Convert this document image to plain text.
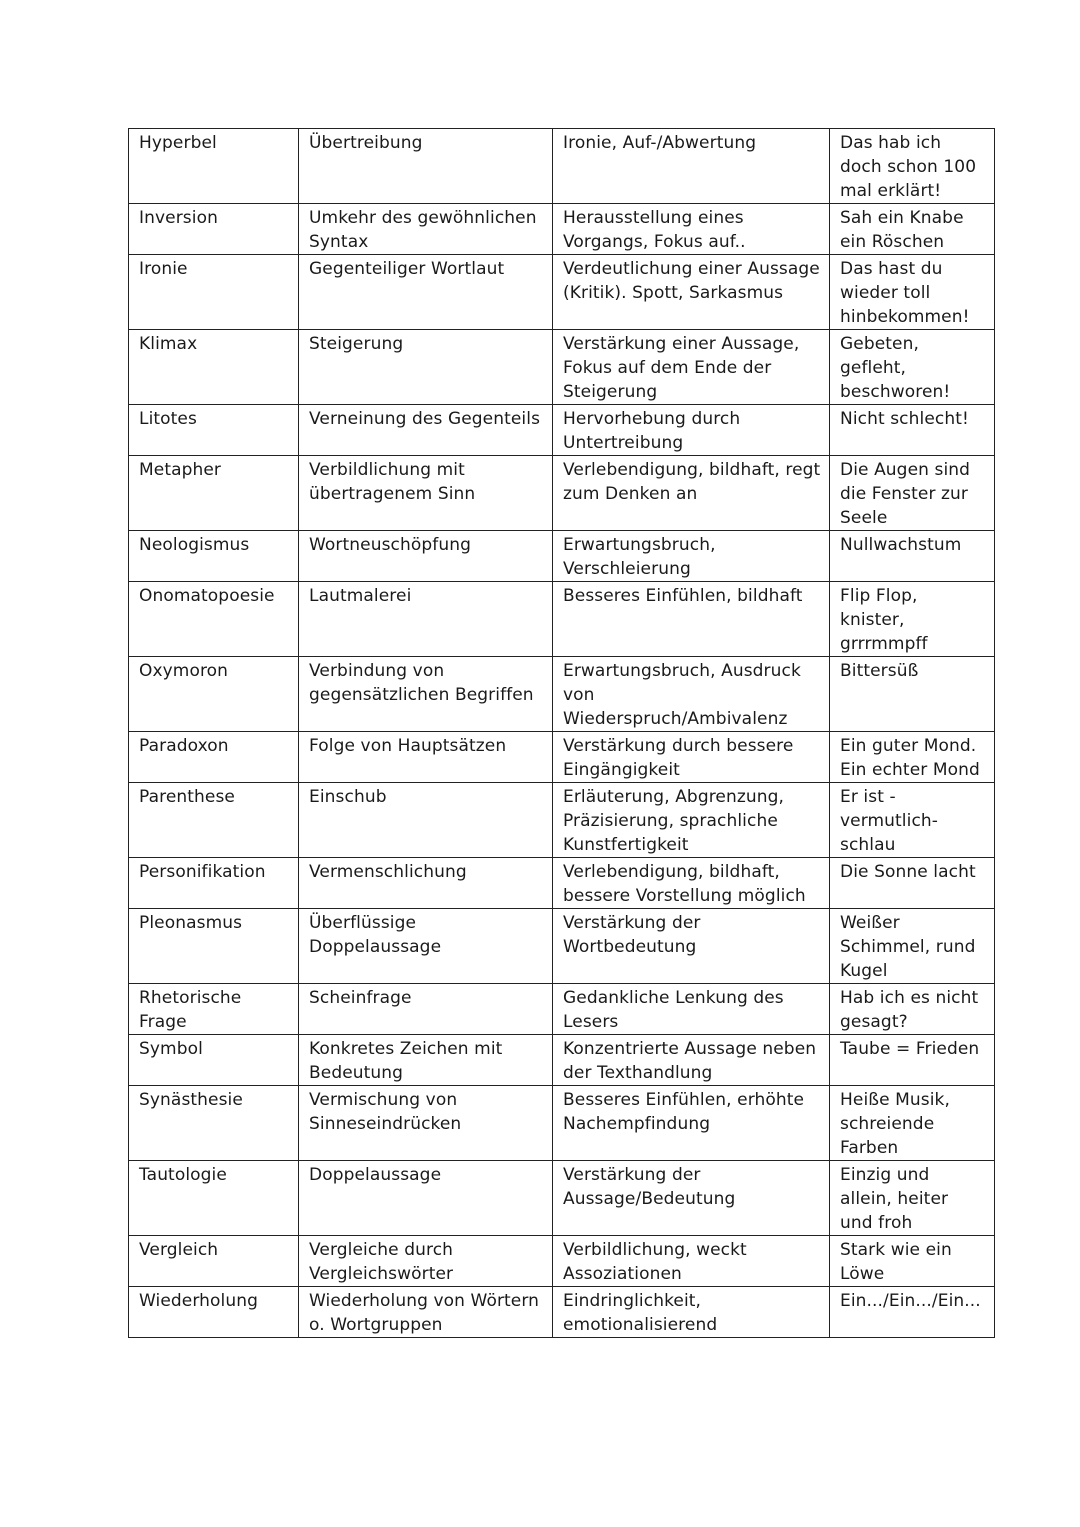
Hyperbel	Übertreibung	Ironie, Auf-/Abwertung	Das hab ich doch schon 100 mal erklärt!
Inversion	Umkehr des gewöhnlichen Syntax	Herausstellung eines Vorgangs, Fokus auf..	Sah ein Knabe ein Röschen
Ironie	Gegenteiliger Wortlaut	Verdeutlichung einer Aussage (Kritik). Spott, Sarkasmus	Das hast du wieder toll hinbekommen!
Klimax	Steigerung	Verstärkung einer Aussage, Fokus auf dem Ende der Steigerung	Gebeten, gefleht, beschworen!
Litotes	Verneinung des Gegenteils	Hervorhebung durch Untertreibung	Nicht schlecht!
Metapher	Verbildlichung mit übertragenem Sinn	Verlebendigung, bildhaft, regt zum Denken an	Die Augen sind die Fenster zur Seele
Neologismus	Wortneuschöpfung	Erwartungsbruch, Verschleierung	Nullwachstum
Onomatopoesie	Lautmalerei	Besseres Einfühlen, bildhaft	Flip Flop, knister, grrrmmpff
Oxymoron	Verbindung von gegensätzlichen Begriffen	Erwartungsbruch, Ausdruck von Wiederspruch/Ambivalenz	Bittersüß
Paradoxon	Folge von Hauptsätzen	Verstärkung durch bessere Eingängigkeit	Ein guter Mond. Ein echter Mond
Parenthese	Einschub	Erläuterung, Abgrenzung, Präzisierung, sprachliche Kunstfertigkeit	Er ist - vermutlich- schlau
Personifikation	Vermenschlichung	Verlebendigung, bildhaft, bessere Vorstellung möglich	Die Sonne lacht
Pleonasmus	Überflüssige Doppelaussage	Verstärkung der Wortbedeutung	Weißer Schimmel, rund Kugel
Rhetorische Frage	Scheinfrage	Gedankliche Lenkung des Lesers	Hab ich es nicht gesagt?
Symbol	Konkretes Zeichen mit Bedeutung	Konzentrierte Aussage neben der Texthandlung	Taube = Frieden
Synästhesie	Vermischung von Sinneseindrücken	Besseres Einfühlen, erhöhte Nachempfindung	Heiße Musik, schreiende Farben
Tautologie	Doppelaussage	Verstärkung der Aussage/Bedeutung	Einzig und allein, heiter und froh
Vergleich	Vergleiche durch Vergleichswörter	Verbildlichung, weckt Assoziationen	Stark wie ein Löwe
Wiederholung	Wiederholung von Wörtern o. Wortgruppen	Eindringlichkeit, emotionalisierend	Ein.../Ein.../Ein...
